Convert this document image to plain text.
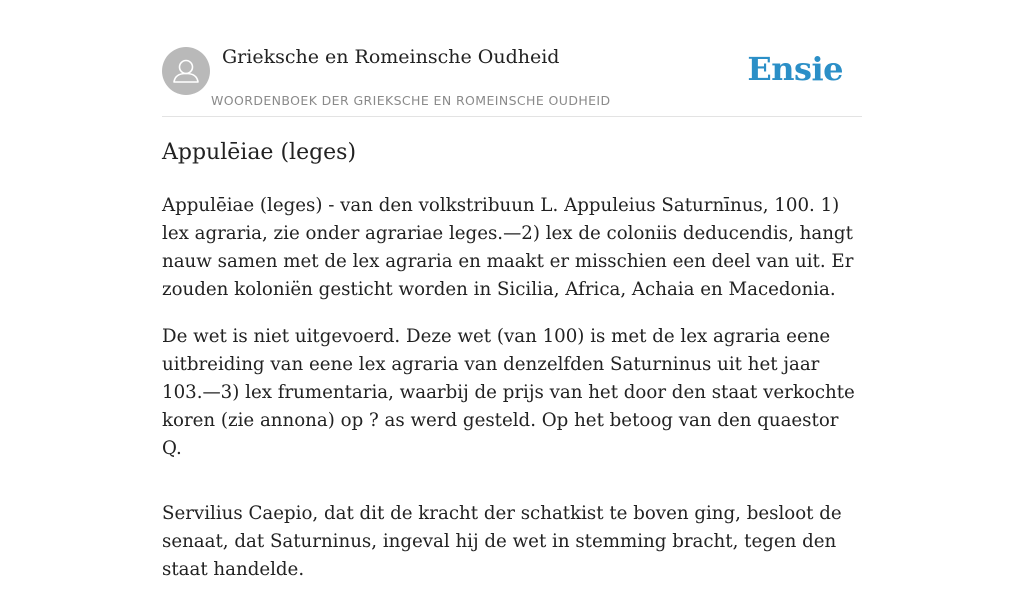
Grieksche en Romeinsche Oudheid
WOORDENBOEK DER GRIEKSCHE EN ROMEINSCHE OUDHEID
Ensie
Appulēiae (leges)

Appulēiae (leges) - van den volkstribuun L. Appuleius Saturnīnus, 100. 1) lex agraria, zie onder agrariae leges.—2) lex de coloniis deducendis, hangt nauw samen met de lex agraria en maakt er misschien een deel van uit. Er zouden koloniën gesticht worden in Sicilia, Africa, Achaia en Macedonia.

De wet is niet uitgevoerd. Deze wet (van 100) is met de lex agraria eene uitbreiding van eene lex agraria van denzelfden Saturninus uit het jaar 103.—3) lex frumentaria, waarbij de prijs van het door den staat verkochte koren (zie annona) op ? as werd gesteld. Op het betoog van den quaestor Q.

Servilius Caepio, dat dit de kracht der schatkist te boven ging, besloot de senaat, dat Saturninus, ingeval hij de wet in stemming bracht, tegen den staat handelde.
